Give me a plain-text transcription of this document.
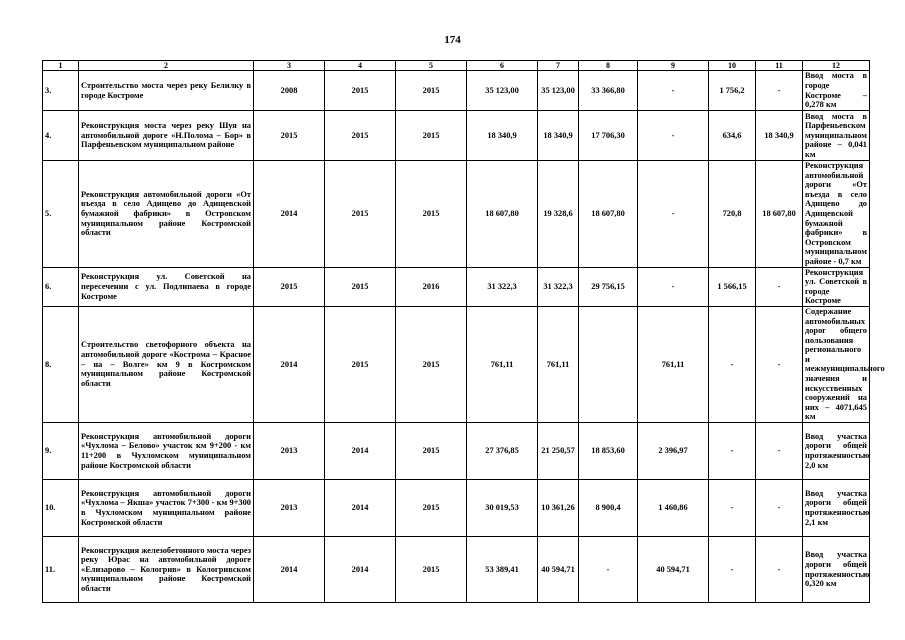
174
1	2	3	4	5	6	7	8	9	10	11	12
3.	Строительство моста через реку Белилку в городе Костроме	2008	2015	2015	35 123,00	35 123,00	33 366,80	-	1 756,2	-	Ввод моста в городе Костроме – 0,278 км
4.	Реконструкция моста через реку Шуя на автомобильной дороге «Н.Полома – Бор» в Парфеньевском муниципальном районе	2015	2015	2015	18 340,9	18 340,9	17 706,30	-	634,6	18 340,9	Ввод моста в Парфеньевском муниципальном районе – 0,041 км
5.	Реконструкция автомобильной дороги «От въезда в село Адищево до Адищевской бумажной фабрики» в Островском муниципальном районе Костромской области	2014	2015	2015	18 607,80	19 328,6	18 607,80	-	720,8	18 607,80	Реконструкция автомобильной дороги «От въезда в село Адищево до Адищевской бумажной фабрики» в Островском муниципальном районе - 0,7 км
6.	Реконструкция ул. Советской на пересечении с ул. Подлипаева в городе Костроме	2015	2015	2016	31 322,3	31 322,3	29 756,15	-	1 566,15	-	Реконструкция ул. Советской в городе Костроме
8.	Строительство светофорного объекта на автомобильной дороге «Кострома – Красное – на – Волге» км 9 в Костромском муниципальном районе Костромской области	2014	2015	2015	761,11	761,11		761,11	-	-	Содержание автомобильных дорог общего пользования регионального и межмуниципального значения и искусственных сооружений на них – 4071,645 км
9.	Реконструкция автомобильной дороги «Чухлома – Белово» участок км 9+200 - км 11+200 в Чухломском муниципальном районе Костромской области	2013	2014	2015	27 376,85	21 250,57	18 853,60	2 396,97	-	-	Ввод участка дороги общей протяженностью 2,0 км
10.	Реконструкция автомобильной дороги «Чухлома – Якша» участок 7+300 - км 9+300 в Чухломском муниципальном районе Костромской области	2013	2014	2015	30 019,53	10 361,26	8 900,4	1 460,86	-	-	Ввод участка дороги общей протяженностью 2,1 км
11.	Реконструкция железобетонного моста через реку Юрас на автомобильной дороге «Елизарово – Кологрив» в Кологривском муниципальном районе Костромской области	2014	2014	2015	53 389,41	40 594,71	-	40 594,71	-	-	Ввод участка дороги общей протяженностью 0,320 км
